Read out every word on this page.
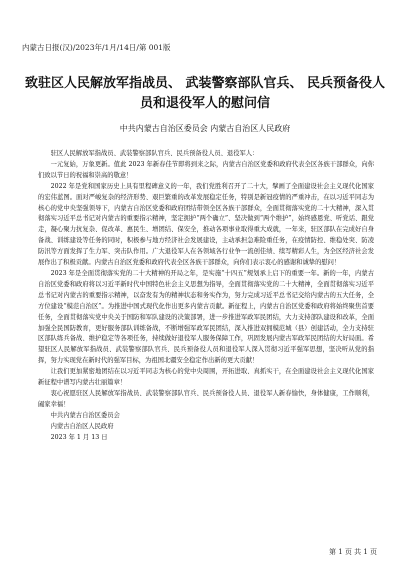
内蒙古日报(汉)/2023年/1月/14日/第 001版
致驻区人民解放军指战员、 武装警察部队官兵、 民兵预备役人
员和退役军人的慰问信
中共内蒙古自治区委员会 内蒙古自治区人民政府

驻区人民解放军指战员、武装警察部队官兵、民兵预备役人员、退役军人：

一元复始，万象更新。值此 2023 年新春佳节即将到来之际，内蒙古自治区党委和政府代表全区各族干部群众，向你们致以节日的祝福和崇高的敬意！

2022 年是党和国家历史上具有里程碑意义的一年，我们党胜利召开了二十大，擘画了全面建设社会主义现代化国家的宏伟蓝图。面对严峻复杂的经济形势、艰巨繁重的改革发展稳定任务，特别是新冠疫情的严重冲击，在以习近平同志为核心的党中央坚强领导下，内蒙古自治区党委和政府团结带领全区各族干部群众，全面贯彻落实党的二十大精神，深入贯彻落实习近平总书记对内蒙古的重要指示精神，坚定拥护“两个确立”、坚决做到“两个维护”，始终感恩党、听党话、跟党走，凝心聚力抗复杂、促改革、惠民生、增团结、保安全，推动各项事业取得重大成就，一年来，驻区部队在完成好自身备战、训练建设等任务的同时，积极参与地方经济社会发展建设，主动承担急难险重任务，在疫情防控、维稳处突、防凌防汛等方面发挥了生力军、突击队作用。广大退役军人在各领域各行业争一流创佳绩、续写精彩人生，为全区经济社会发展作出了积极贡献。内蒙古自治区党委和政府代表全区各族干部群众，向你们表示衷心的感谢和诚挚的慰问！

2023 年是全面贯彻落实党的二十大精神的开局之年，是实施“十四五”规划承上启下的重要一年。新的一年，内蒙古自治区党委和政府将以习近平新时代中国特色社会主义思想为指导，全面贯彻落实党的二十大精神，全面贯彻落实习近平总书记对内蒙古的重要指示精神，以奋发有为的精神状态和务实作为，努力完成习近平总书记交给内蒙古的五大任务，全方位建设“模范自治区”。为推进中国式现代化作出更多内蒙古贡献。新征程上，内蒙古自治区党委和政府将始终聚焦首要任务，全面贯彻落实党中央关于国防和军队建设的决策部署，进一步推进军政军民团结，大力支持部队建设和改革，全面加强全民国防教育，更好服务部队训练备战，不断增强军政军民团结，深入推进双拥模范城（县）创建活动，全力支持驻区部队练兵备战、维护稳定等各项任务，持续做好退役军人服务保障工作，巩固发展内蒙古军政军民团结的大好局面。希望驻区人民解放军指战员、武装警察部队官兵、民兵预备役人员和退役军人深入贯彻习近平强军思想，坚决听从党的指挥，努力实现党在新时代的强军目标，为祖国北疆安全稳定作出新的更大贡献！

让我们更加紧密地团结在以习近平同志为核心的党中央周围，开拓进取、真抓实干，在全面建设社会主义现代化国家新征程中谱写内蒙古壮丽篇章！

衷心祝愿驻区人民解放军指战员、武装警察部队官兵、民兵预备役人员、退役军人新春愉快，身体健康，工作顺利，阖家幸福！

中共内蒙古自治区委员会

内蒙古自治区人民政府

2023 年 1 月 13 日

第 1 页 共 1 页
